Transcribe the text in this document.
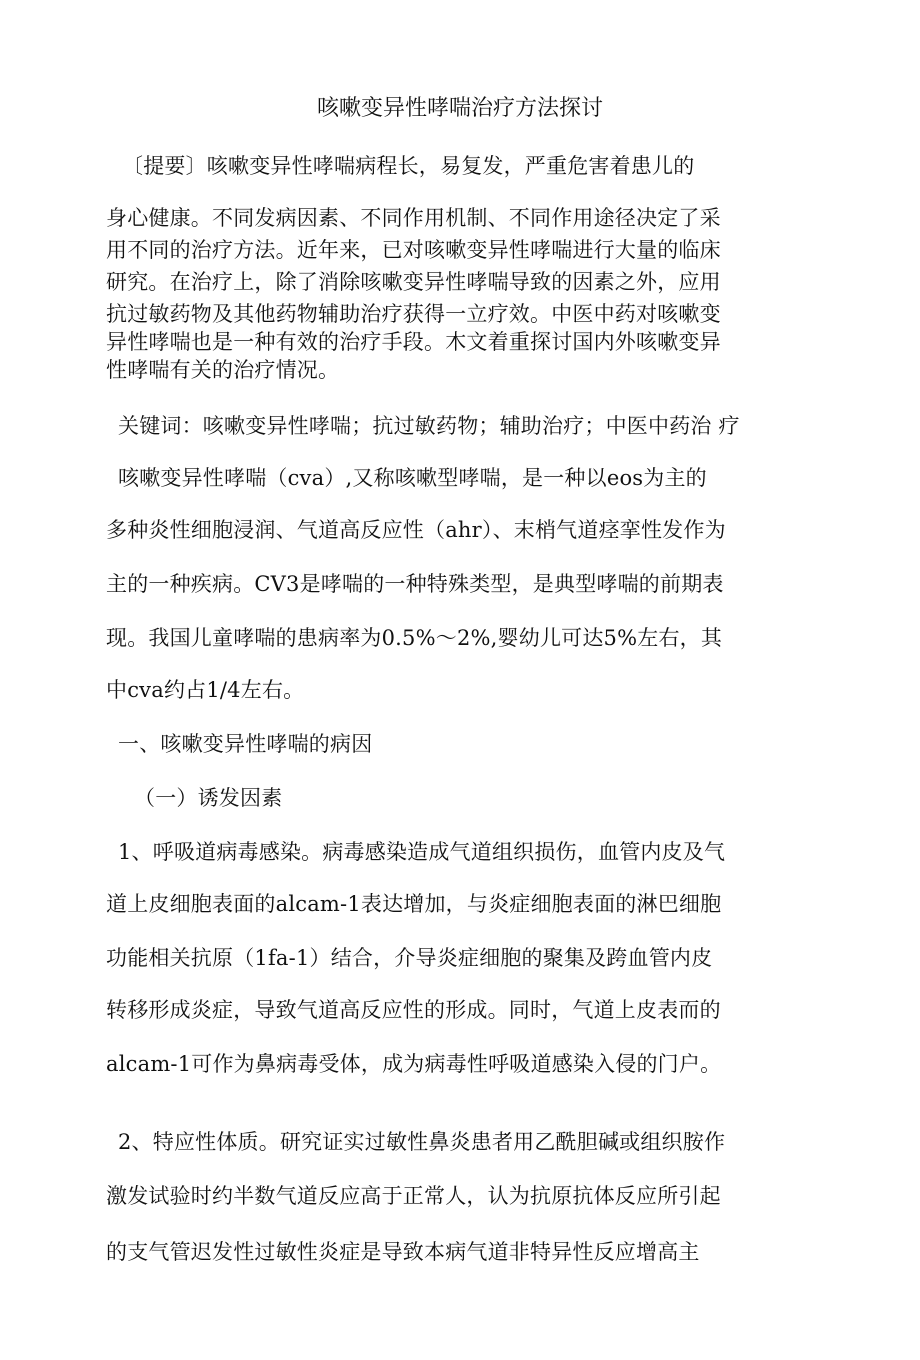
咳嗽变异性哮喘治疗方法探讨
〔提要〕咳嗽变异性哮喘病程长，易复发，严重危害着患儿的
身心健康。不同发病因素、不同作用机制、不同作用途径决定了采
用不同的治疗方法。近年来，已对咳嗽变异性哮喘进行大量的临床
研究。在治疗上，除了消除咳嗽变异性哮喘导致的因素之外，应用
抗过敏药物及其他药物辅助治疗获得一立疗效。中医中药对咳嗽变
异性哮喘也是一种有效的治疗手段。木文着重探讨国内外咳嗽变异
性哮喘有关的治疗情况。
关键词：咳嗽变异性哮喘；抗过敏药物；辅助治疗；中医中药治 疗
咳嗽变异性哮喘（cva）,又称咳嗽型哮喘，是一种以eos为主的
多种炎性细胞浸润、气道高反应性（ahr）、末梢气道痉挛性发作为
主的一种疾病。CV3是哮喘的一种特殊类型，是典型哮喘的前期表
现。我国儿童哮喘的患病率为0.5%～2%,婴幼儿可达5%左右，其
中cva约占1/4左右。
一、咳嗽变异性哮喘的病因
（一）诱发因素
1、呼吸道病毒感染。病毒感染造成气道组织损伤，血管内皮及气
道上皮细胞表面的alcam-1表达增加，与炎症细胞表面的淋巴细胞
功能相关抗原（1fa-1）结合，介导炎症细胞的聚集及跨血管内皮
转移形成炎症，导致气道高反应性的形成。同时，气道上皮表而的
alcam-1可作为鼻病毒受体，成为病毒性呼吸道感染入侵的门户。
2、特应性体质。研究证实过敏性鼻炎患者用乙酰胆碱或组织胺作
激发试验时约半数气道反应高于正常人，认为抗原抗体反应所引起
的支气管迟发性过敏性炎症是导致本病气道非特异性反应增高主
